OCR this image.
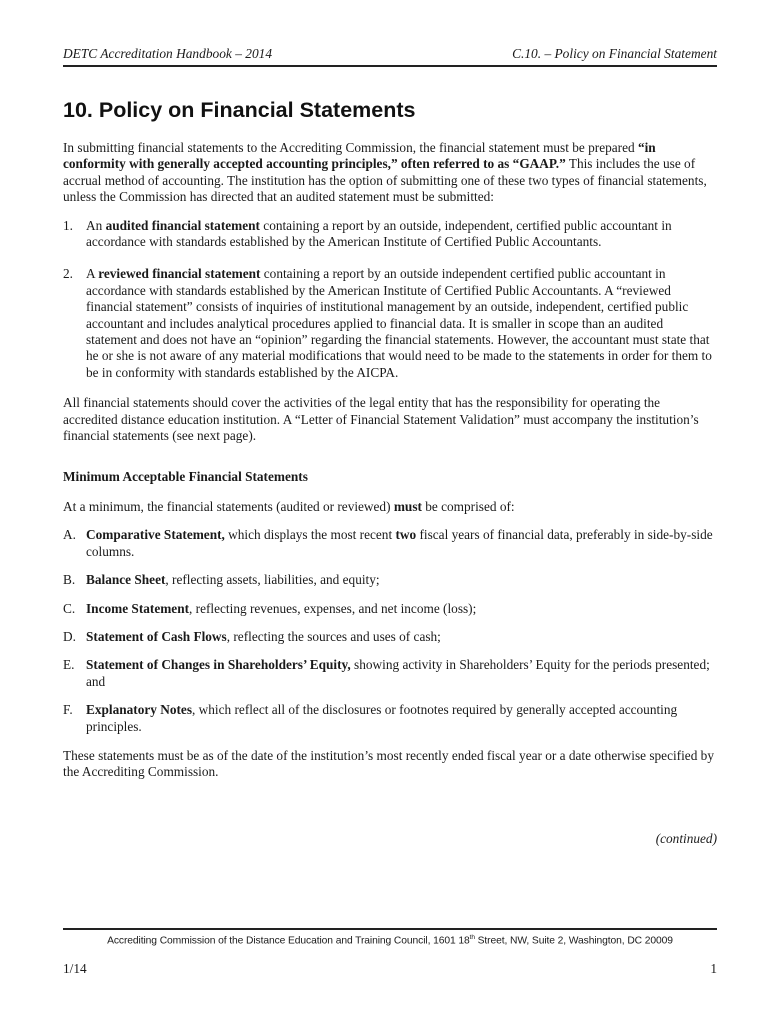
DETC Accreditation Handbook – 2014	C.10. – Policy on Financial Statement
10. Policy on Financial Statements

In submitting financial statements to the Accrediting Commission, the financial statement must be prepared “in conformity with generally accepted accounting principles,” often referred to as “GAAP.” This includes the use of accrual method of accounting. The institution has the option of submitting one of these two types of financial statements, unless the Commission has directed that an audited statement must be submitted:

1. An audited financial statement containing a report by an outside, independent, certified public accountant in accordance with standards established by the American Institute of Certified Public Accountants.
2. A reviewed financial statement containing a report by an outside independent certified public accountant in accordance with standards established by the American Institute of Certified Public Accountants. A “reviewed financial statement” consists of inquiries of institutional management by an outside, independent, certified public accountant and includes analytical procedures applied to financial data. It is smaller in scope than an audited statement and does not have an “opinion” regarding the financial statements. However, the accountant must state that he or she is not aware of any material modifications that would need to be made to the statements in order for them to be in conformity with standards established by the AICPA.

All financial statements should cover the activities of the legal entity that has the responsibility for operating the accredited distance education institution. A “Letter of Financial Statement Validation” must accompany the institution’s financial statements (see next page).

Minimum Acceptable Financial Statements

At a minimum, the financial statements (audited or reviewed) must be comprised of:

A. Comparative Statement, which displays the most recent two fiscal years of financial data, preferably in side-by-side columns.
B. Balance Sheet, reflecting assets, liabilities, and equity;
C. Income Statement, reflecting revenues, expenses, and net income (loss);
D. Statement of Cash Flows, reflecting the sources and uses of cash;
E. Statement of Changes in Shareholders’ Equity, showing activity in Shareholders’ Equity for the periods presented; and
F.	Explanatory Notes, which reflect all of the disclosures or footnotes required by generally accepted accounting principles.

These statements must be as of the date of the institution’s most recently ended fiscal year or a date otherwise specified by the Accrediting Commission.

(continued)
Accrediting Commission of the Distance Education and Training Council, 1601 18th Street, NW, Suite 2, Washington, DC 20009
1/14	1
